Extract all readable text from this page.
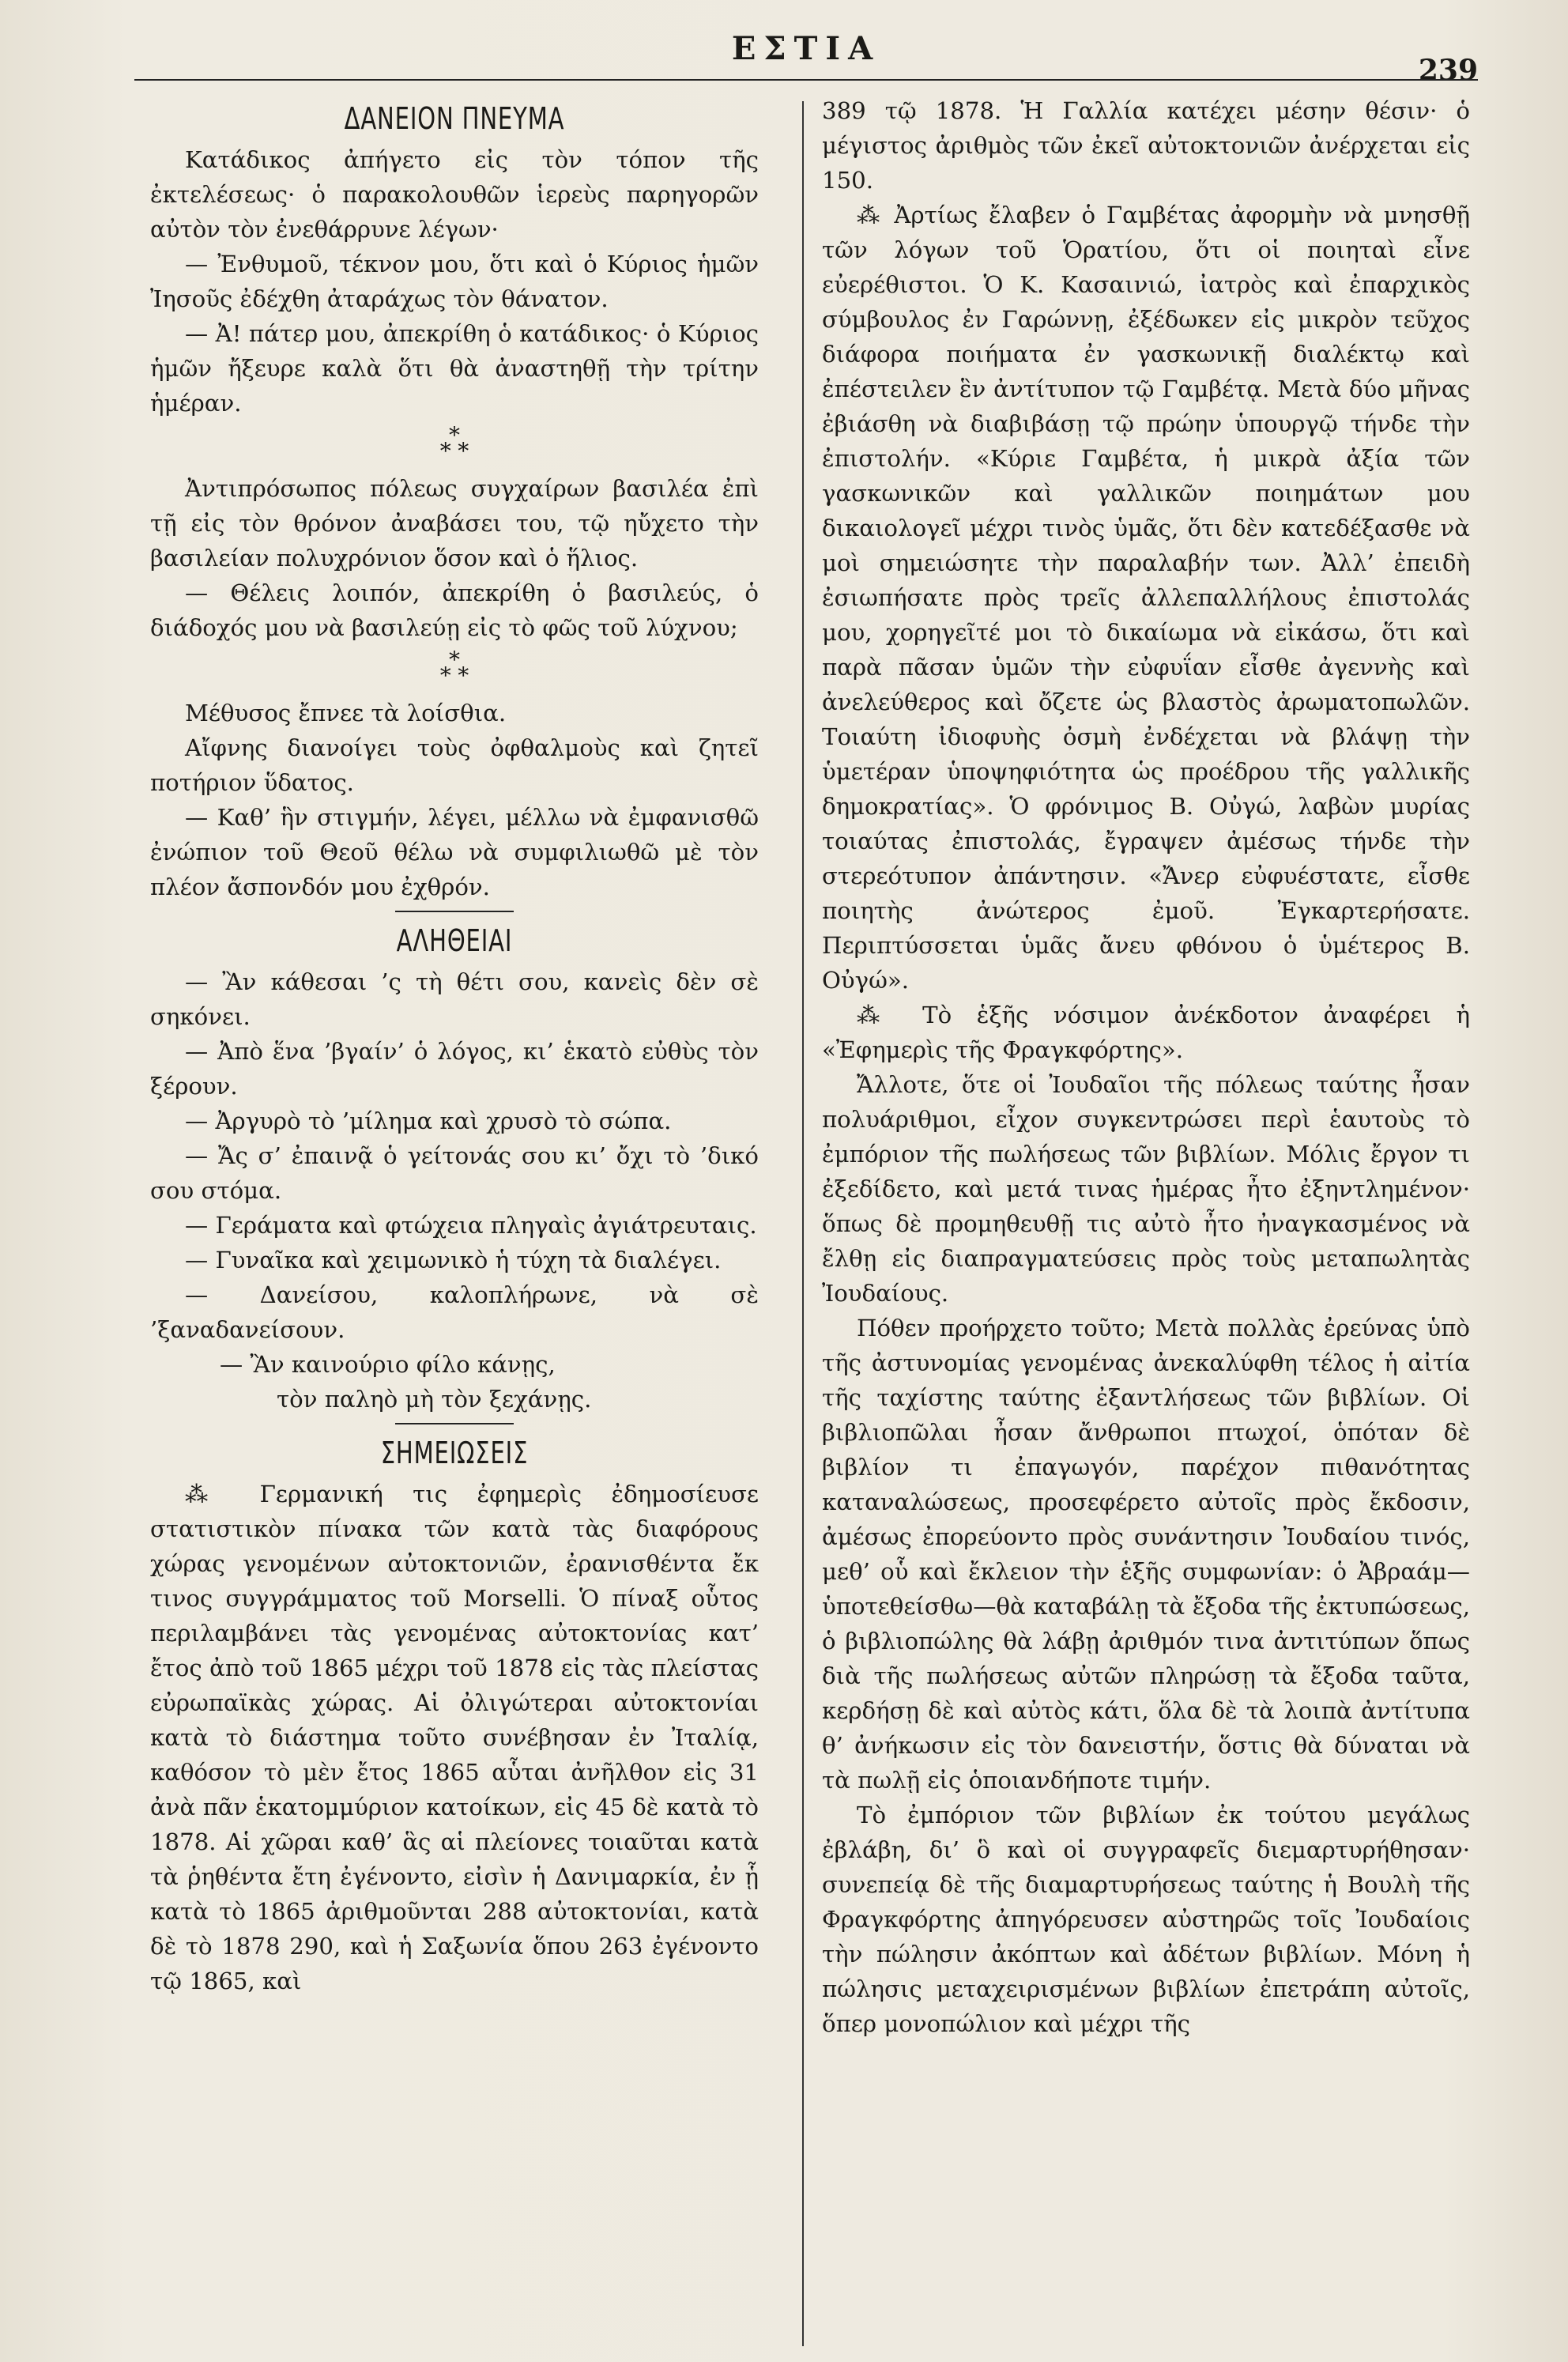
ΕΣΤΙΑ
239
ΔΑΝΕΙΟΝ ΠΝΕΥΜΑ

Κατάδικος ἀπήγετο εἰς τὸν τόπον τῆς ἐκτελέσεως· ὁ παρακολουθῶν ἱερεὺς παρηγορῶν αὐτὸν τὸν ἐνεθάρρυνε λέγων·

— Ἐνθυμοῦ, τέκνον μου, ὅτι καὶ ὁ Κύριος ἡμῶν Ἰησοῦς ἐδέχθη ἀταράχως τὸν θάνατον.

— Ἀ! πάτερ μου, ἀπεκρίθη ὁ κατάδικος· ὁ Κύριος ἡμῶν ἤξευρε καλὰ ὅτι θὰ ἀναστηθῇ τὴν τρίτην ἡμέραν.

*
* *

Ἀντιπρόσωπος πόλεως συγχαίρων βασιλέα ἐπὶ τῇ εἰς τὸν θρόνον ἀναβάσει του, τῷ ηὔχετο τὴν βασιλείαν πολυχρόνιον ὅσον καὶ ὁ ἥλιος.

— Θέλεις λοιπόν, ἀπεκρίθη ὁ βασιλεύς, ὁ διάδοχός μου νὰ βασιλεύῃ εἰς τὸ φῶς τοῦ λύχνου;

*
* *

Μέθυσος ἔπνεε τὰ λοίσθια.

Αἴφνης διανοίγει τοὺς ὀφθαλμοὺς καὶ ζητεῖ ποτήριον ὕδατος.

— Καθ’ ἣν στιγμήν, λέγει, μέλλω νὰ ἐμφανισθῶ ἐνώπιον τοῦ Θεοῦ θέλω νὰ συμφιλιωθῶ μὲ τὸν πλέον ἄσπονδόν μου ἐχθρόν.

ΑΛΗΘΕΙΑΙ

— Ἂν κάθεσαι ’ς τὴ θέτι σου, κανεὶς δὲν σὲ σηκόνει.

— Ἀπὸ ἕνα ’βγαίν’ ὁ λόγος, κι’ ἑκατὸ εὐθὺς τὸν ξέρουν.

— Ἀργυρὸ τὸ ’μίλημα καὶ χρυσὸ τὸ σώπα.

— Ἄς σ’ ἐπαινᾷ ὁ γείτονάς σου κι’ ὄχι τὸ ’δικό σου στόμα.

— Γεράματα καὶ φτώχεια πληγαὶς ἀγιάτρευταις.

— Γυναῖκα καὶ χειμωνικὸ ἡ τύχη τὰ διαλέγει.

— Δανείσου, καλοπλήρωνε, νὰ σὲ ’ξαναδανείσουν.

— Ἂν καινούριο φίλο κάνῃς,

τὸν παληὸ μὴ τὸν ξεχάνῃς.

ΣΗΜΕΙΩΣΕΙΣ

⁂ Γερμανική τις ἐφημερὶς ἐδημοσίευσε στατιστικὸν πίνακα τῶν κατὰ τὰς διαφόρους χώρας γενομένων αὐτοκτονιῶν, ἐρανισθέντα ἔκ τινος συγγράμματος τοῦ Morselli. Ὁ πίναξ οὗτος περιλαμβάνει τὰς γενομένας αὐτοκτονίας κατ’ ἔτος ἀπὸ τοῦ 1865 μέχρι τοῦ 1878 εἰς τὰς πλείστας εὐρωπαϊκὰς χώρας. Αἱ ὀλιγώτεραι αὐτοκτονίαι κατὰ τὸ διάστημα τοῦτο συνέβησαν ἐν Ἰταλίᾳ, καθόσον τὸ μὲν ἔτος 1865 αὗται ἀνῆλθον εἰς 31 ἀνὰ πᾶν ἑκατομμύριον κατοίκων, εἰς 45 δὲ κατὰ τὸ 1878. Αἱ χῶραι καθ’ ἃς αἱ πλείονες τοιαῦται κατὰ τὰ ῥηθέντα ἔτη ἐγένοντο, εἰσὶν ἡ Δανιμαρκία, ἐν ᾗ κατὰ τὸ 1865 ἀριθμοῦνται 288 αὐτοκτονίαι, κατὰ δὲ τὸ 1878 290, καὶ ἡ Σαξωνία ὅπου 263 ἐγένοντο τῷ 1865, καὶ

389 τῷ 1878. Ἡ Γαλλία κατέχει μέσην θέσιν· ὁ μέγιστος ἀριθμὸς τῶν ἐκεῖ αὐτοκτονιῶν ἀνέρχεται εἰς 150.

⁂ Ἀρτίως ἔλαβεν ὁ Γαμβέτας ἀφορμὴν νὰ μνησθῇ τῶν λόγων τοῦ Ὁρατίου, ὅτι οἱ ποιηταὶ εἶνε εὐερέθιστοι. Ὁ Κ. Κασαινιώ, ἰατρὸς καὶ ἐπαρχικὸς σύμβουλος ἐν Γαρώννῃ, ἐξέδωκεν εἰς μικρὸν τεῦχος διάφορα ποιήματα ἐν γασκωνικῇ διαλέκτῳ καὶ ἐπέστειλεν ἓν ἀντίτυπον τῷ Γαμβέτᾳ. Μετὰ δύο μῆνας ἐβιάσθη νὰ διαβιβάσῃ τῷ πρώην ὑπουργῷ τήνδε τὴν ἐπιστολήν. «Κύριε Γαμβέτα, ἡ μικρὰ ἀξία τῶν γασκωνικῶν καὶ γαλλικῶν ποιημάτων μου δικαιολογεῖ μέχρι τινὸς ὑμᾶς, ὅτι δὲν κατεδέξασθε νὰ μοὶ σημειώσητε τὴν παραλαβήν των. Ἀλλ’ ἐπειδὴ ἐσιωπήσατε πρὸς τρεῖς ἀλλεπαλλήλους ἐπιστολάς μου, χορηγεῖτέ μοι τὸ δικαίωμα νὰ εἰκάσω, ὅτι καὶ παρὰ πᾶσαν ὑμῶν τὴν εὐφυΐαν εἶσθε ἀγεννὴς καὶ ἀνελεύθερος καὶ ὄζετε ὡς βλαστὸς ἀρωματοπωλῶν. Τοιαύτη ἰδιοφυὴς ὀσμὴ ἐνδέχεται νὰ βλάψῃ τὴν ὑμετέραν ὑποψηφιότητα ὡς προέδρου τῆς γαλλικῆς δημοκρατίας». Ὁ φρόνιμος Β. Οὐγώ, λαβὼν μυρίας τοιαύτας ἐπιστολάς, ἔγραψεν ἀμέσως τήνδε τὴν στερεότυπον ἀπάντησιν. «Ἄνερ εὐφυέστατε, εἶσθε ποιητὴς ἀνώτερος ἐμοῦ. Ἐγκαρτερήσατε. Περιπτύσσεται ὑμᾶς ἄνευ φθόνου ὁ ὑμέτερος Β. Οὐγώ».

⁂ Τὸ ἑξῆς νόσιμον ἀνέκδοτον ἀναφέρει ἡ «Ἐφημερὶς τῆς Φραγκφόρτης».

Ἄλλοτε, ὅτε οἱ Ἰουδαῖοι τῆς πόλεως ταύτης ἦσαν πολυάριθμοι, εἶχον συγκεντρώσει περὶ ἑαυτοὺς τὸ ἐμπόριον τῆς πωλήσεως τῶν βιβλίων. Μόλις ἔργον τι ἐξεδίδετο, καὶ μετά τινας ἡμέρας ἦτο ἐξηντλημένον· ὅπως δὲ προμηθευθῇ τις αὐτὸ ἦτο ἠναγκασμένος νὰ ἔλθῃ εἰς διαπραγματεύσεις πρὸς τοὺς μεταπωλητὰς Ἰουδαίους.

Πόθεν προήρχετο τοῦτο; Μετὰ πολλὰς ἐρεύνας ὑπὸ τῆς ἀστυνομίας γενομένας ἀνεκαλύφθη τέλος ἡ αἰτία τῆς ταχίστης ταύτης ἐξαντλήσεως τῶν βιβλίων. Οἱ βιβλιοπῶλαι ἦσαν ἄνθρωποι πτωχοί, ὁπόταν δὲ βιβλίον τι ἐπαγωγόν, παρέχον πιθανότητας καταναλώσεως, προσεφέρετο αὐτοῖς πρὸς ἔκδοσιν, ἀμέσως ἐπορεύοντο πρὸς συνάντησιν Ἰουδαίου τινός, μεθ’ οὗ καὶ ἔκλειον τὴν ἑξῆς συμφωνίαν: ὁ Ἀβραάμ—ὑποτεθείσθω—θὰ καταβάλῃ τὰ ἔξοδα τῆς ἐκτυπώσεως, ὁ βιβλιοπώλης θὰ λάβῃ ἀριθμόν τινα ἀντιτύπων ὅπως διὰ τῆς πωλήσεως αὐτῶν πληρώσῃ τὰ ἔξοδα ταῦτα, κερδήσῃ δὲ καὶ αὐτὸς κάτι, ὅλα δὲ τὰ λοιπὰ ἀντίτυπα θ’ ἀνήκωσιν εἰς τὸν δανειστήν, ὅστις θὰ δύναται νὰ τὰ πωλῇ εἰς ὁποιανδήποτε τιμήν.

Τὸ ἐμπόριον τῶν βιβλίων ἐκ τούτου μεγάλως ἐβλάβη, δι’ ὃ καὶ οἱ συγγραφεῖς διεμαρτυρήθησαν· συνεπείᾳ δὲ τῆς διαμαρτυρήσεως ταύτης ἡ Βουλὴ τῆς Φραγκφόρτης ἀπηγόρευσεν αὐστηρῶς τοῖς Ἰουδαίοις τὴν πώλησιν ἀκόπτων καὶ ἀδέτων βιβλίων. Μόνη ἡ πώλησις μεταχειρισμένων βιβλίων ἐπετράπη αὐτοῖς, ὅπερ μονοπώλιον καὶ μέχρι τῆς
